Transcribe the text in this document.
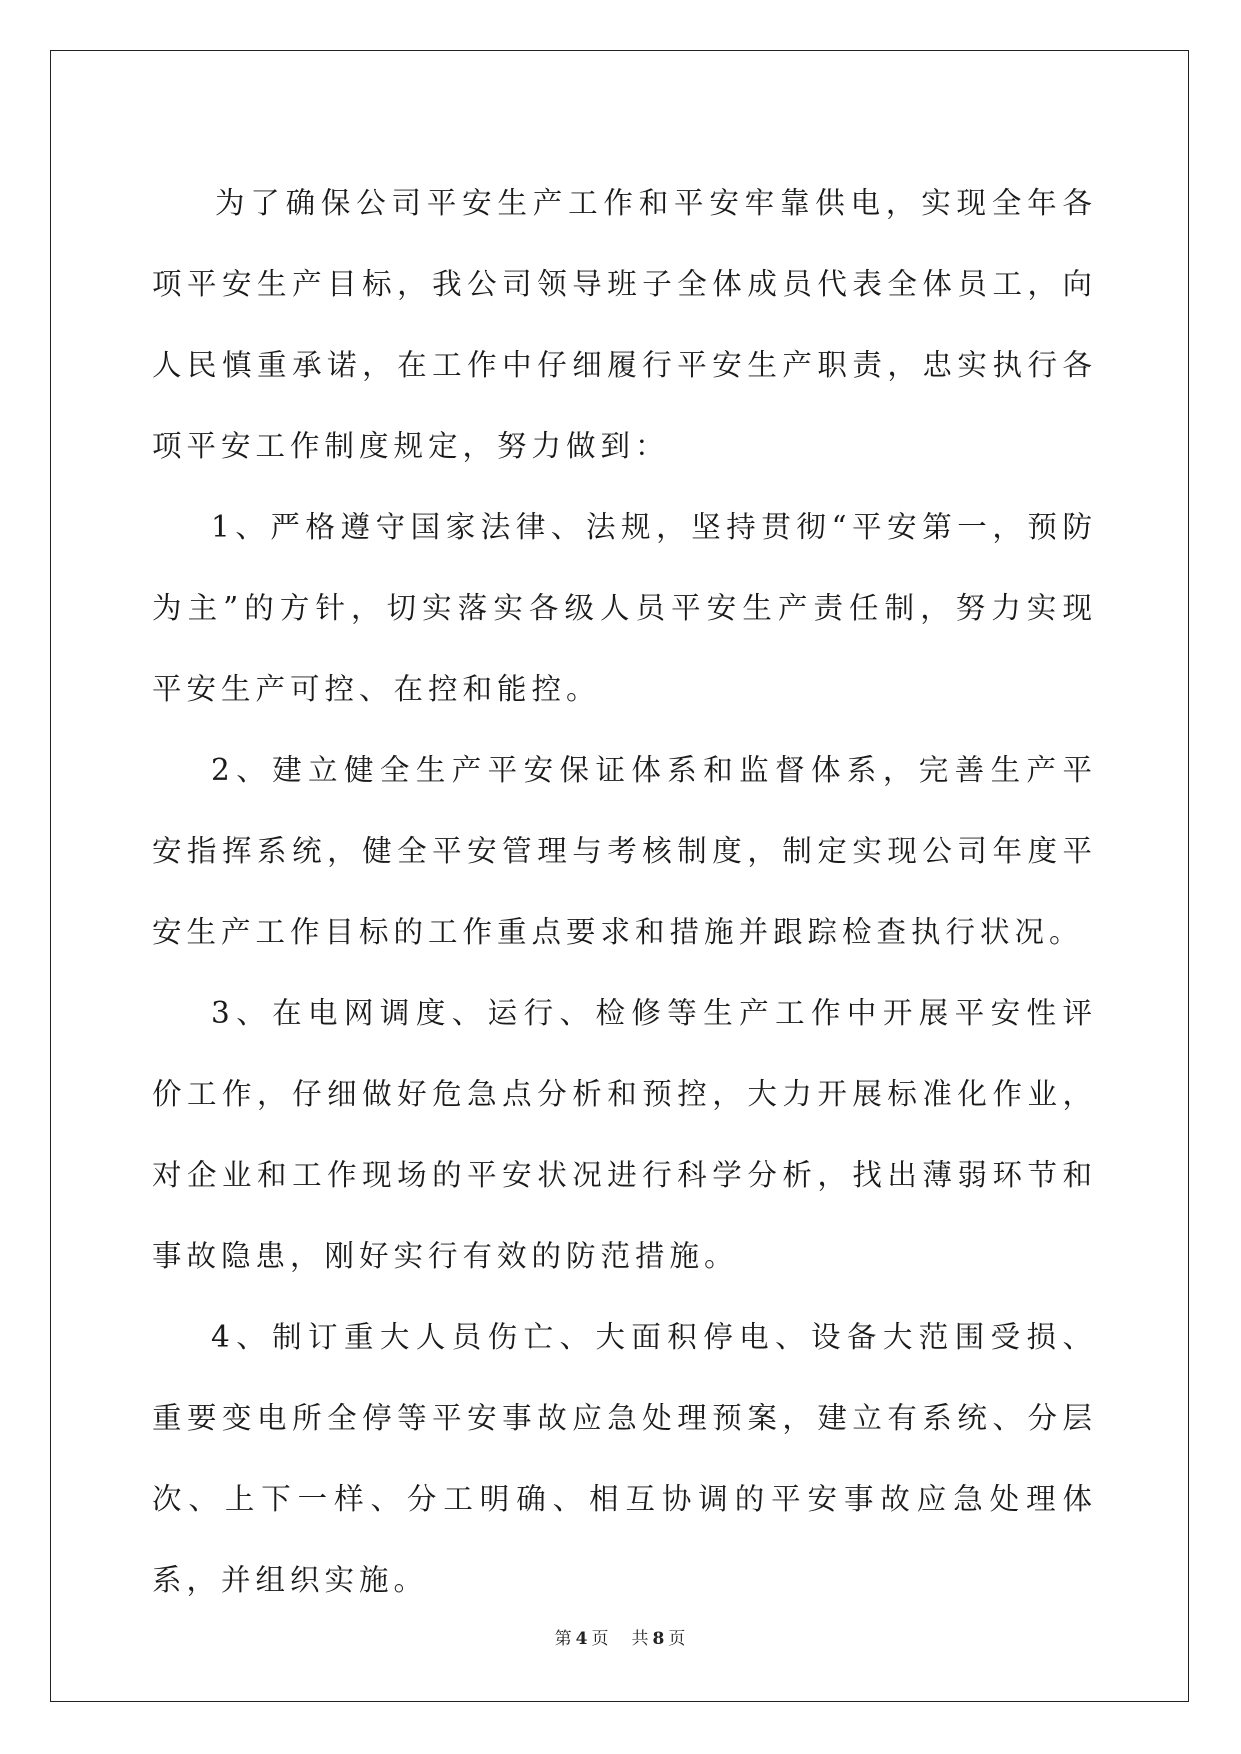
为了确保公司平安生产工作和平安牢靠供电，实现全年各项平安生产目标，我公司领导班子全体成员代表全体员工，向人民慎重承诺，在工作中仔细履行平安生产职责，忠实执行各项平安工作制度规定，努力做到：

1、严格遵守国家法律、法规，坚持贯彻“平安第一，预防为主”的方针，切实落实各级人员平安生产责任制，努力实现平安生产可控、在控和能控。

2、建立健全生产平安保证体系和监督体系，完善生产平安指挥系统，健全平安管理与考核制度，制定实现公司年度平安生产工作目标的工作重点要求和措施并跟踪检查执行状况。

3、在电网调度、运行、检修等生产工作中开展平安性评价工作，仔细做好危急点分析和预控，大力开展标准化作业，对企业和工作现场的平安状况进行科学分析，找出薄弱环节和事故隐患，刚好实行有效的防范措施。

4、制订重大人员伤亡、大面积停电、设备大范围受损、重要变电所全停等平安事故应急处理预案，建立有系统、分层次、上下一样、分工明确、相互协调的平安事故应急处理体系，并组织实施。

第 4 页 共 8 页
